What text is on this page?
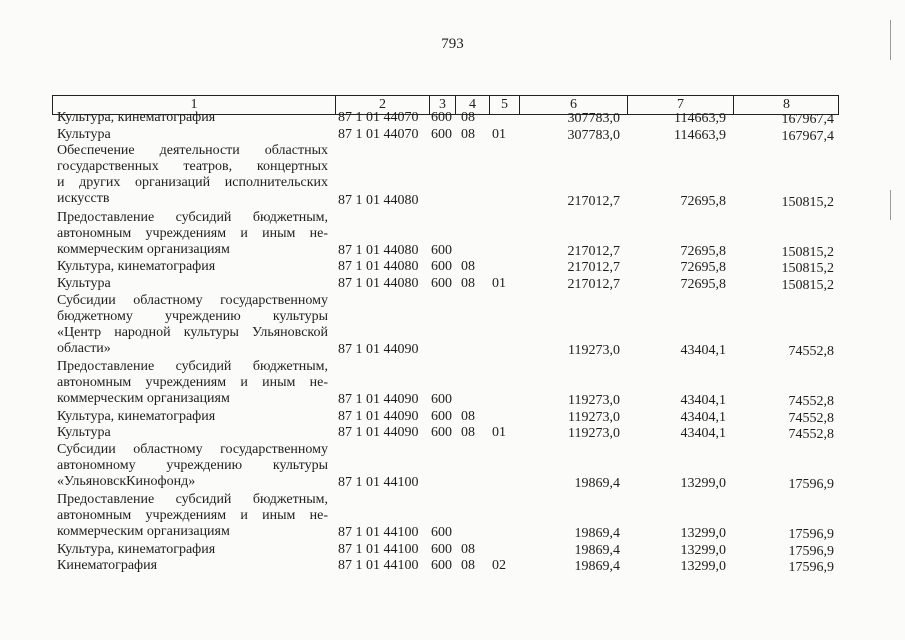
793
1	2	3	4	5	6	7	8
Культура, кинематография	87 1 01 44070 600 08	307783,0	114663,9	167967,4
Культура	87 1 01 44070 600 08 01	307783,0	114663,9	167967,4
Обеспечение деятельности областных
государственных театров, концертных
и других организаций исполнительских
искусств	87 1 01 44080	217012,7	72695,8	150815,2
Предоставление субсидий бюджетным,
автономным учреждениям и иным не-
коммерческим организациям	87 1 01 44080 600	217012,7	72695,8	150815,2
Культура, кинематография	87 1 01 44080 600 08	217012,7	72695,8	150815,2
Культура	87 1 01 44080 600 08 01	217012,7	72695,8	150815,2
Субсидии областному государственному
бюджетному учреждению культуры
«Центр народной культуры Ульяновской
области»	87 1 01 44090	119273,0	43404,1	74552,8
Предоставление субсидий бюджетным,
автономным учреждениям и иным не-
коммерческим организациям	87 1 01 44090 600	119273,0	43404,1	74552,8
Культура, кинематография	87 1 01 44090 600 08	119273,0	43404,1	74552,8
Культура	87 1 01 44090 600 08 01	119273,0	43404,1	74552,8
Субсидии областному государственному
автономному учреждению культуры
«УльяновскКинофонд»	87 1 01 44100	19869,4	13299,0	17596,9
Предоставление субсидий бюджетным,
автономным учреждениям и иным не-
коммерческим организациям	87 1 01 44100 600	19869,4	13299,0	17596,9
Культура, кинематография	87 1 01 44100 600 08	19869,4	13299,0	17596,9
Кинематография	87 1 01 44100 600 08 02	19869,4	13299,0	17596,9
